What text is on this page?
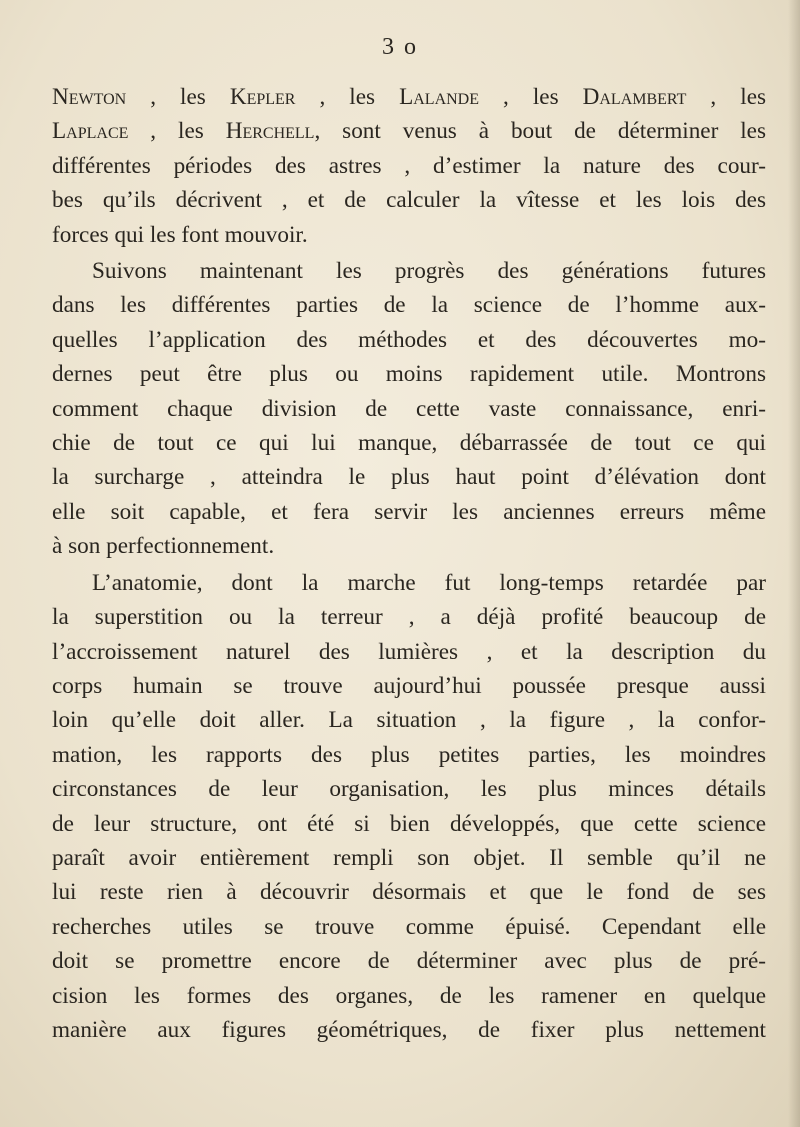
3 o

Newton , les Kepler , les Lalande , les Dalambert , les
Laplace , les Herchell, sont venus à bout de déterminer les
différentes périodes des astres , d’estimer la nature des cour-
bes qu’ils décrivent , et de calculer la vîtesse et les lois des
forces qui les font mouvoir.

Suivons maintenant les progrès des générations futures
dans les différentes parties de la science de l’homme aux-
quelles l’application des méthodes et des découvertes mo-
dernes peut être plus ou moins rapidement utile. Montrons
comment chaque division de cette vaste connaissance, enri-
chie de tout ce qui lui manque, débarrassée de tout ce qui
la surcharge , atteindra le plus haut point d’élévation dont
elle soit capable, et fera servir les anciennes erreurs même
à son perfectionnement.

L’anatomie, dont la marche fut long-temps retardée par
la superstition ou la terreur , a déjà profité beaucoup de
l’accroissement naturel des lumières , et la description du
corps humain se trouve aujourd’hui poussée presque aussi
loin qu’elle doit aller. La situation , la figure , la confor-
mation, les rapports des plus petites parties, les moindres
circonstances de leur organisation, les plus minces détails
de leur structure, ont été si bien développés, que cette science
paraît avoir entièrement rempli son objet. Il semble qu’il ne
lui reste rien à découvrir désormais et que le fond de ses
recherches utiles se trouve comme épuisé. Cependant elle
doit se promettre encore de déterminer avec plus de pré-
cision les formes des organes, de les ramener en quelque
manière aux figures géométriques, de fixer plus nettement
